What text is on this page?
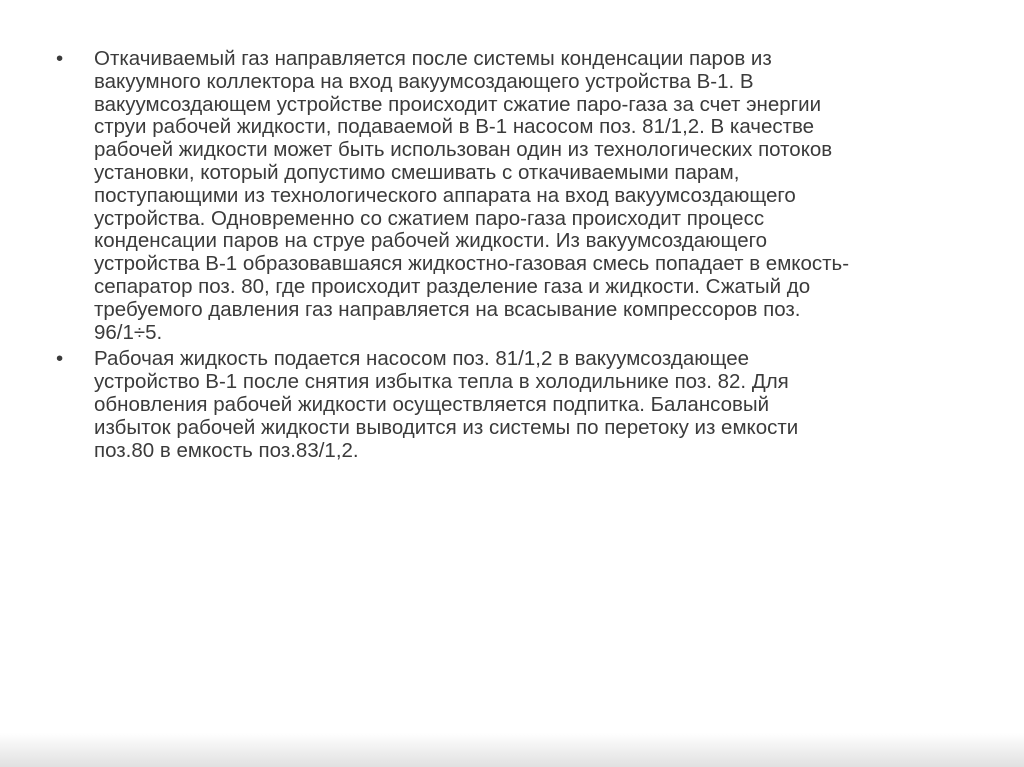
•	Откачиваемый газ направляется после системы конденсации паров из
вакуумного коллектора на вход вакуумсоздающего устройства В-1. В
вакуумсоздающем устройстве происходит сжатие паро-газа за счет энергии
струи рабочей жидкости, подаваемой в В-1 насосом поз. 81/1,2. В качестве
рабочей жидкости может быть использован один из технологических потоков
установки, который допустимо смешивать с откачиваемыми парам,
поступающими из технологического аппарата на вход вакуумсоздающего
устройства. Одновременно со сжатием паро-газа происходит процесс
конденсации паров на струе рабочей жидкости. Из вакуумсоздающего
устройства В-1 образовавшаяся жидкостно-газовая смесь попадает в емкость-
сепаратор поз. 80, где происходит разделение газа и жидкости. Сжатый до
требуемого давления газ направляется на всасывание компрессоров поз.
96/1÷5.
•	Рабочая жидкость подается насосом поз. 81/1,2 в вакуумсоздающее
устройство В-1 после снятия избытка тепла в холодильнике поз. 82. Для
обновления рабочей жидкости осуществляется подпитка. Балансовый
избыток рабочей жидкости выводится из системы по перетоку из емкости
поз.80 в емкость поз.83/1,2.
